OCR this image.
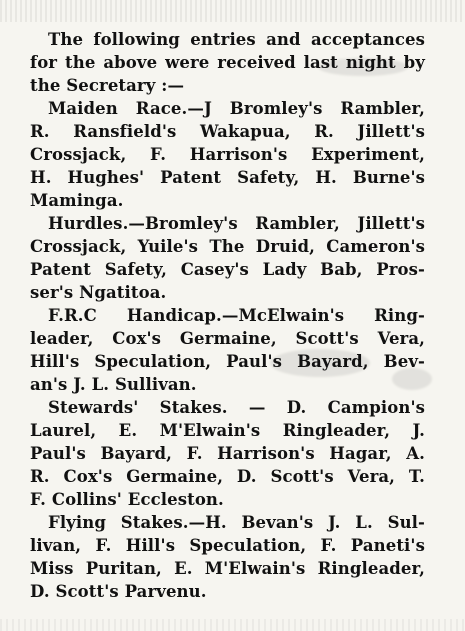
The following entries and acceptances
for the above were received last night by
the Secretary :—
Maiden Race.—J Bromley's Rambler,
R. Ransfield's Wakapua, R. Jillett's
Crossjack, F. Harrison's Experiment,
H. Hughes' Patent Safety, H. Burne's
Maminga.
Hurdles.—Bromley's Rambler, Jillett's
Crossjack, Yuile's The Druid, Cameron's
Patent Safety, Casey's Lady Bab, Pros-
ser's Ngatitoa.
F.R.C Handicap.—McElwain's Ring-
leader, Cox's Germaine, Scott's Vera,
Hill's Speculation, Paul's Bayard, Bev-
an's J. L. Sullivan.
Stewards' Stakes. — D. Campion's
Laurel, E. M'Elwain's Ringleader, J.
Paul's Bayard, F. Harrison's Hagar, A.
R. Cox's Germaine, D. Scott's Vera, T.
F. Collins' Eccleston.
Flying Stakes.—H. Bevan's J. L. Sul-
livan, F. Hill's Speculation, F. Paneti's
Miss Puritan, E. M'Elwain's Ringleader,
D. Scott's Parvenu.
